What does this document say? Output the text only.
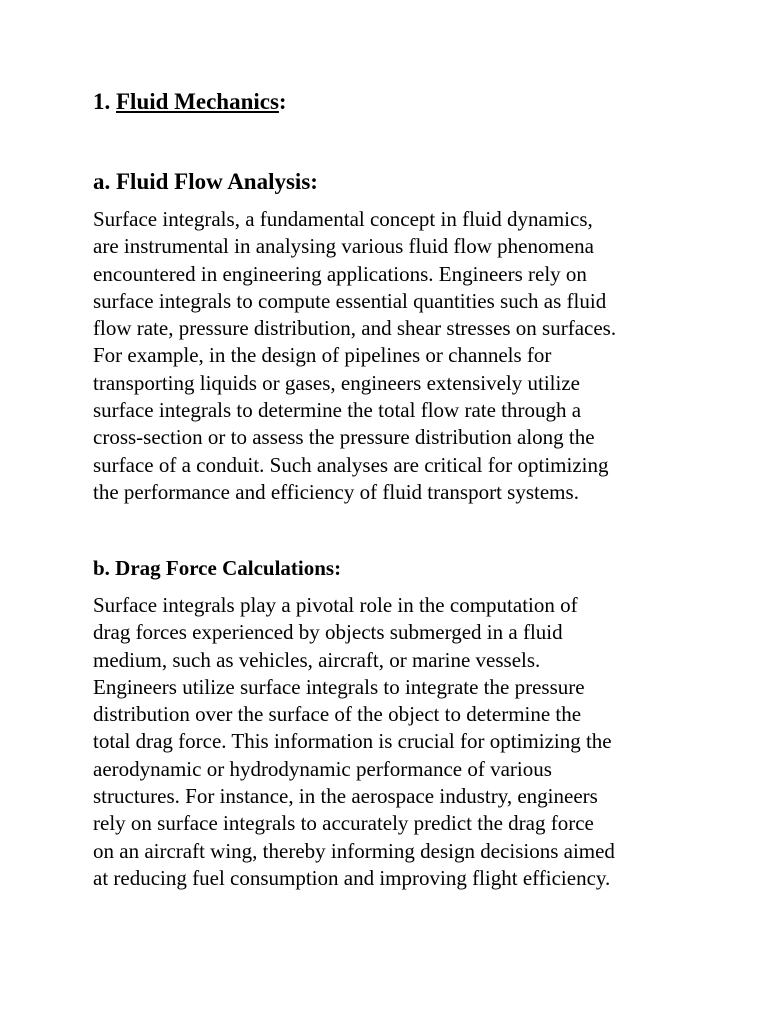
1. Fluid Mechanics:
a. Fluid Flow Analysis:

Surface integrals, a fundamental concept in fluid dynamics,
are instrumental in analysing various fluid flow phenomena
encountered in engineering applications. Engineers rely on
surface integrals to compute essential quantities such as fluid
flow rate, pressure distribution, and shear stresses on surfaces.
For example, in the design of pipelines or channels for
transporting liquids or gases, engineers extensively utilize
surface integrals to determine the total flow rate through a
cross-section or to assess the pressure distribution along the
surface of a conduit. Such analyses are critical for optimizing
the performance and efficiency of fluid transport systems.

b. Drag Force Calculations:

Surface integrals play a pivotal role in the computation of
drag forces experienced by objects submerged in a fluid
medium, such as vehicles, aircraft, or marine vessels.
Engineers utilize surface integrals to integrate the pressure
distribution over the surface of the object to determine the
total drag force. This information is crucial for optimizing the
aerodynamic or hydrodynamic performance of various
structures. For instance, in the aerospace industry, engineers
rely on surface integrals to accurately predict the drag force
on an aircraft wing, thereby informing design decisions aimed
at reducing fuel consumption and improving flight efficiency.
